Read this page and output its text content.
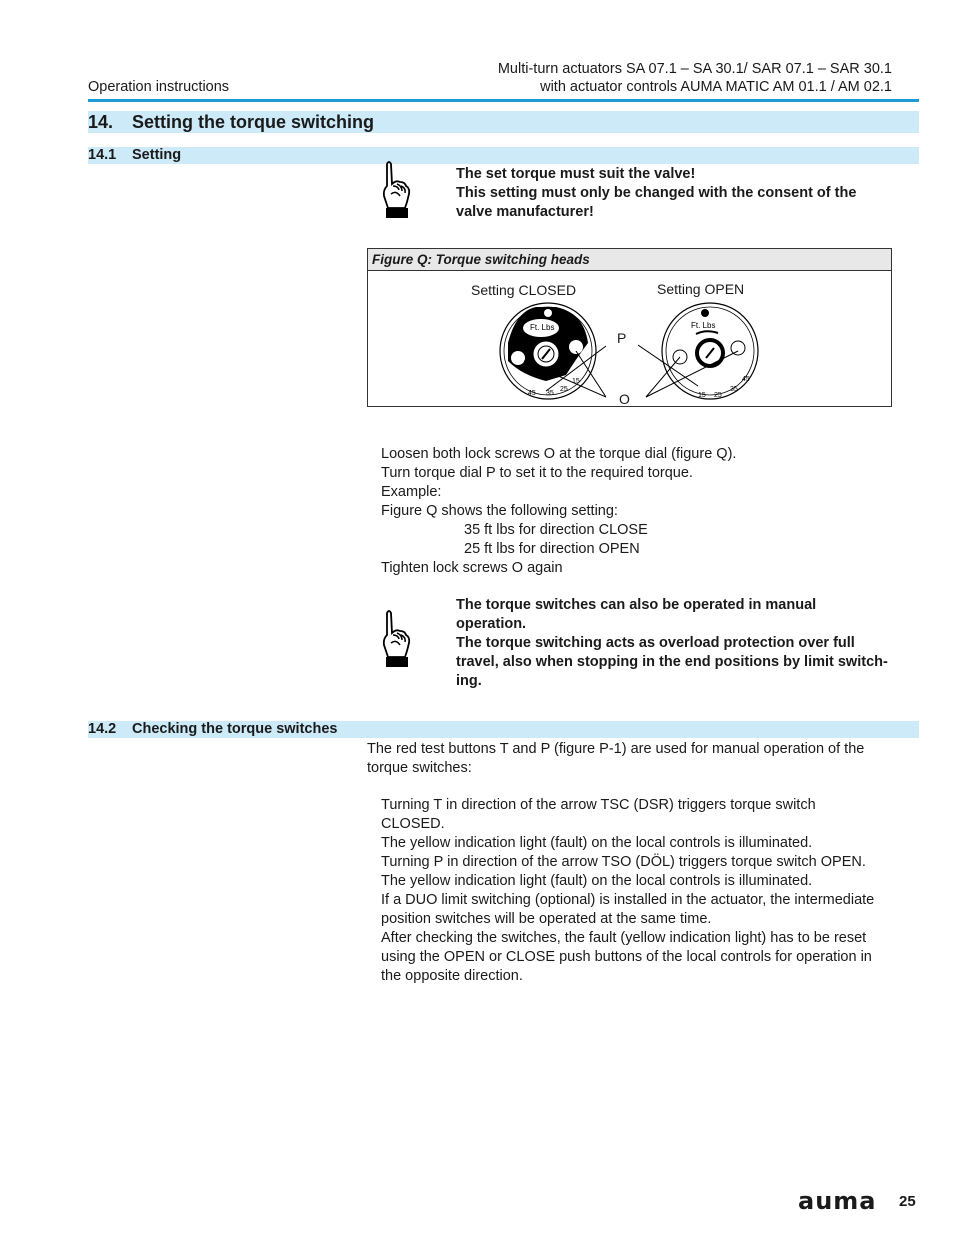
Operation instructions
Multi-turn actuators SA 07.1 – SA 30.1/ SAR 07.1 – SAR 30.1
with actuator controls AUMA MATIC AM 01.1 / AM 02.1
14. Setting the torque switching
14.1 Setting
The set torque must suit the valve!
This setting must only be changed with the consent of the
valve manufacturer!
Figure Q: Torque switching heads
Setting CLOSED	Setting OPEN
P
O
Ft. Lbs
45 35
25
15
Ft. Lbs
15 25
35
45
Loosen both lock screws O at the torque dial (figure Q).
Turn torque dial P to set it to the required torque.
Example:
Figure Q shows the following setting:
35 ft lbs for direction CLOSE
25 ft lbs for direction OPEN
Tighten lock screws O again
The torque switches can also be operated in manual
operation.
The torque switching acts as overload protection over full
travel, also when stopping in the end positions by limit switch-
ing.
14.2 Checking the torque switches
The red test buttons T and P (figure P-1) are used for manual operation of the
torque switches:
Turning T in direction of the arrow TSC (DSR) triggers torque switch
CLOSED.
The yellow indication light (fault) on the local controls is illuminated.
Turning P in direction of the arrow TSO (DÖL) triggers torque switch OPEN.
The yellow indication light (fault) on the local controls is illuminated.
If a DUO limit switching (optional) is installed in the actuator, the intermediate
position switches will be operated at the same time.
After checking the switches, the fault (yellow indication light) has to be reset
using the OPEN or CLOSE push buttons of the local controls for operation in
the opposite direction.
auma 25
